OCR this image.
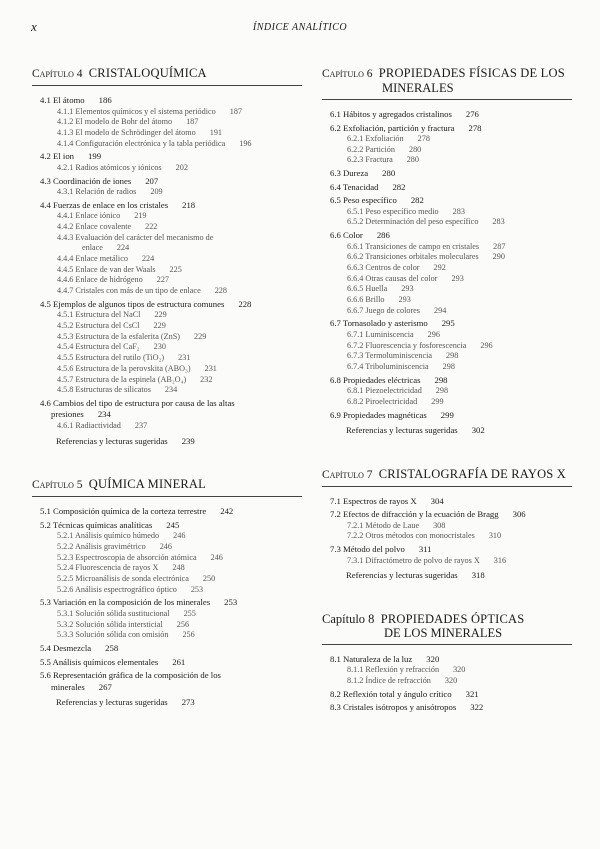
x	ÍNDICE ANALÍTICO
Capítulo 4 CRISTALOQUÍMICA
4.1 El átomo 186
4.1.1 Elementos químicos y el sistema periódico 187
4.1.2 El modelo de Bohr del átomo 187
4.1.3 El modelo de Schrödinger del átomo 191
4.1.4 Configuración electrónica y la tabla periódica 196
4.2 El ion 199
4.2.1 Radios atómicos y iónicos 202
4.3 Coordinación de iones 207
4.3.1 Relación de radios 209
4.4 Fuerzas de enlace en los cristales 218
4.4.1 Enlace iónico 219
4.4.2 Enlace covalente 222
4.4.3 Evaluación del carácter del mecanismo de
enlace 224
4.4.4 Enlace metálico 224
4.4.5 Enlace de van der Waals 225
4.4.6 Enlace de hidrógeno 227
4.4.7 Cristales con más de un tipo de enlace 228
4.5 Ejemplos de algunos tipos de estructura comunes 228
4.5.1 Estructura del NaCl 229
4.5.2 Estructura del CsCl 229
4.5.3 Estructura de la esfalerita (ZnS) 229
4.5.4 Estructura del CaF₂ 230
4.5.5 Estructura del rutilo (TiO₂) 231
4.5.6 Estructura de la perovskita (ABO₃) 231
4.5.7 Estructura de la espinela (AB₂O₄) 232
4.5.8 Estructuras de silicatos 234
4.6 Cambios del tipo de estructura por causa de las altas
presiones 234
4.6.1 Radiactividad 237
Referencias y lecturas sugeridas 239
Capítulo 5 QUÍMICA MINERAL
5.1 Composición química de la corteza terrestre 242
5.2 Técnicas químicas analíticas 245
5.2.1 Análisis químico húmedo 246
5.2.2 Análisis gravimétrico 246
5.2.3 Espectroscopia de absorción atómica 246
5.2.4 Fluorescencia de rayos X 248
5.2.5 Microanálisis de sonda electrónica 250
5.2.6 Análisis espectrográfico óptico 253
5.3 Variación en la composición de los minerales 253
5.3.1 Solución sólida sustitucional 255
5.3.2 Solución sólida intersticial 256
5.3.3 Solución sólida con omisión 256
5.4 Desmezcla 258
5.5 Análisis químicos elementales 261
5.6 Representación gráfica de la composición de los
minerales 267
Referencias y lecturas sugeridas 273
Capítulo 6 PROPIEDADES FÍSICAS DE LOS
MINERALES
6.1 Hábitos y agregados cristalinos 276
6.2 Exfoliación, partición y fractura 278
6.2.1 Exfoliación 278
6.2.2 Partición 280
6.2.3 Fractura 280
6.3 Dureza 280
6.4 Tenacidad 282
6.5 Peso específico 282
6.5.1 Peso específico medio 283
6.5.2 Determinación del peso específico 283
6.6 Color 286
6.6.1 Transiciones de campo en cristales 287
6.6.2 Transiciones orbitales moleculares 290
6.6.3 Centros de color 292
6.6.4 Otras causas del color 293
6.6.5 Huella 293
6.6.6 Brillo 293
6.6.7 Juego de colores 294
6.7 Tornasolado y asterismo 295
6.7.1 Luminiscencia 296
6.7.2 Fluorescencia y fosforescencia 296
6.7.3 Termoluminiscencia 298
6.7.4 Triboluminiscencia 298
6.8 Propiedades eléctricas 298
6.8.1 Piezoelectricidad 298
6.8.2 Piroelectricidad 299
6.9 Propiedades magnéticas 299
Referencias y lecturas sugeridas 302
Capítulo 7 CRISTALOGRAFÍA DE RAYOS X
7.1 Espectros de rayos X 304
7.2 Efectos de difracción y la ecuación de Bragg 306
7.2.1 Método de Laue 308
7.2.2 Otros métodos con monocristales 310
7.3 Método del polvo 311
7.3.1 Difractómetro de polvo de rayos X 316
Referencias y lecturas sugeridas 318
Capítulo 8 PROPIEDADES ÓPTICAS
DE LOS MINERALES
8.1 Naturaleza de la luz 320
8.1.1 Reflexión y refracción 320
8.1.2 Índice de refracción 320
8.2 Reflexión total y ángulo crítico 321
8.3 Cristales isótropos y anisótropos 322
